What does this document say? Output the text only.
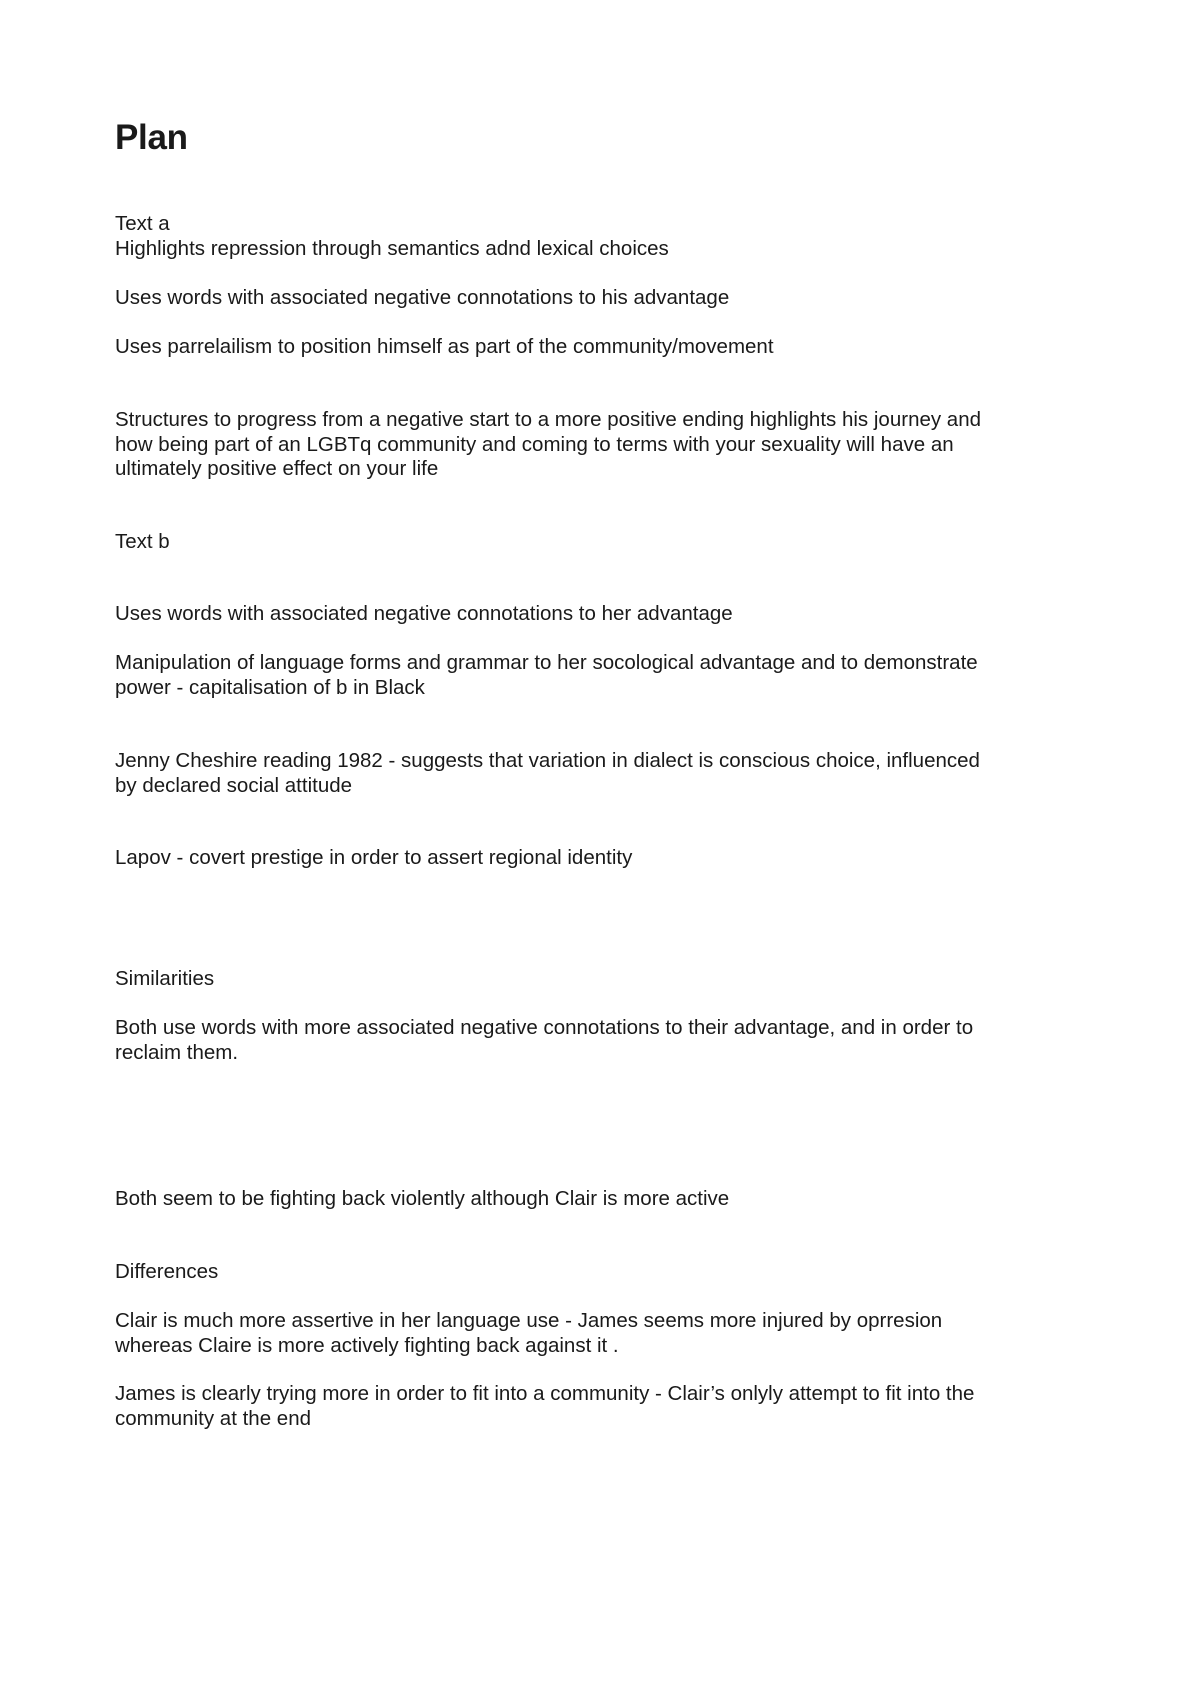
Plan

Text a

Highlights repression through semantics adnd lexical choices

Uses words with associated negative connotations to his advantage

Uses parrelailism to position himself as part of the community/movement

Structures to progress from a negative start to a more positive ending highlights his journey and

how being part of an LGBTq community and coming to terms with your sexuality will have an

ultimately positive effect on your life

Text b

Uses words with associated negative connotations to her advantage

Manipulation of language forms and grammar to her socological advantage and to demonstrate

power - capitalisation of b in Black

Jenny Cheshire reading 1982 - suggests that variation in dialect is conscious choice, influenced

by declared social attitude

Lapov - covert prestige in order to assert regional identity

Similarities

Both use words with more associated negative connotations to their advantage, and in order to

reclaim them.

Both seem to be fighting back violently although Clair is more active

Differences

Clair is much more assertive in her language use - James seems more injured by oprresion

whereas Claire is more actively fighting back against it .

James is clearly trying more in order to fit into a community - Clair’s onlyly attempt to fit into the

community at the end
